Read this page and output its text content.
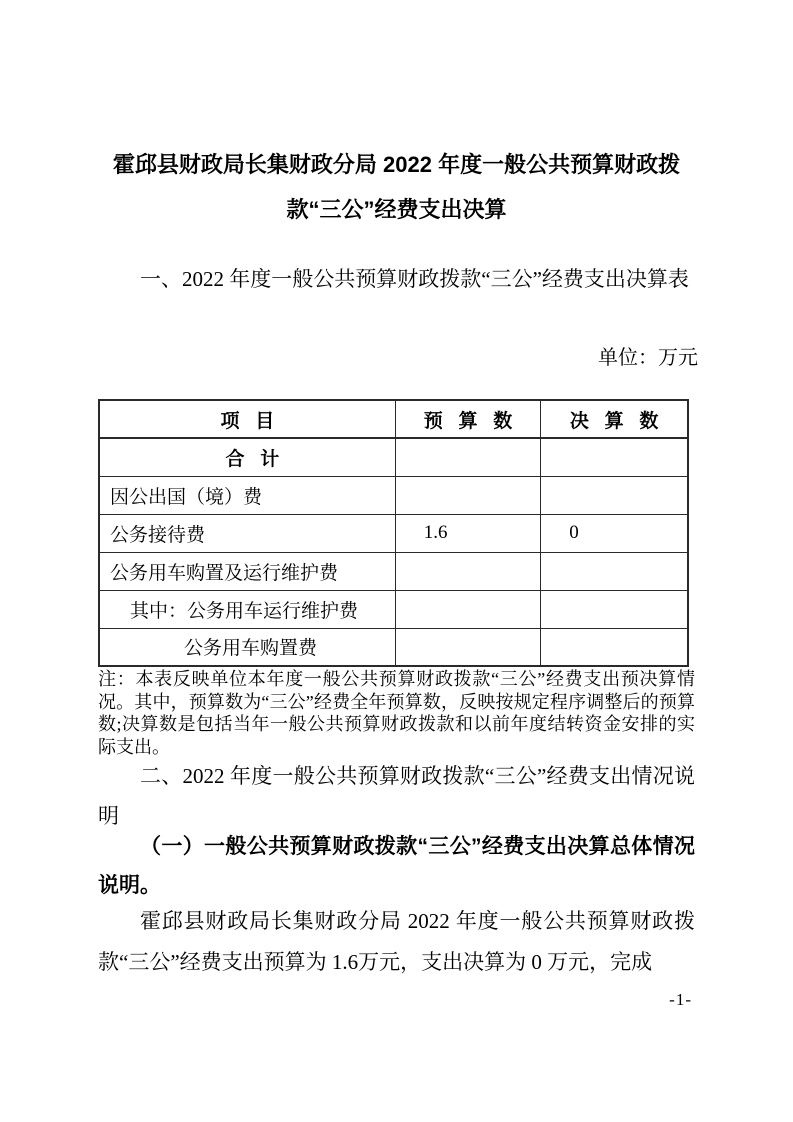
霍邱县财政局长集财政分局 2022 年度一般公共预算财政拨款“三公”经费支出决算
一、2022 年度一般公共预算财政拨款“三公”经费支出决算表
单位：万元
项 目	预 算 数	决 算 数
合 计		
因公出国（境）费		
公务接待费	1.6	0
公务用车购置及运行维护费		
其中：公务用车运行维护费		
公务用车购置费		
注：本表反映单位本年度一般公共预算财政拨款“三公”经费支出预决算情况。其中，预算数为“三公”经费全年预算数，反映按规定程序调整后的预算数;决算数是包括当年一般公共预算财政拨款和以前年度结转资金安排的实际支出。
二、2022 年度一般公共预算财政拨款“三公”经费支出情况说明
（一）一般公共预算财政拨款“三公”经费支出决算总体情况说明。
霍邱县财政局长集财政分局 2022 年度一般公共预算财政拨款“三公”经费支出预算为 1.6万元，支出决算为 0 万元，完成
-1-
